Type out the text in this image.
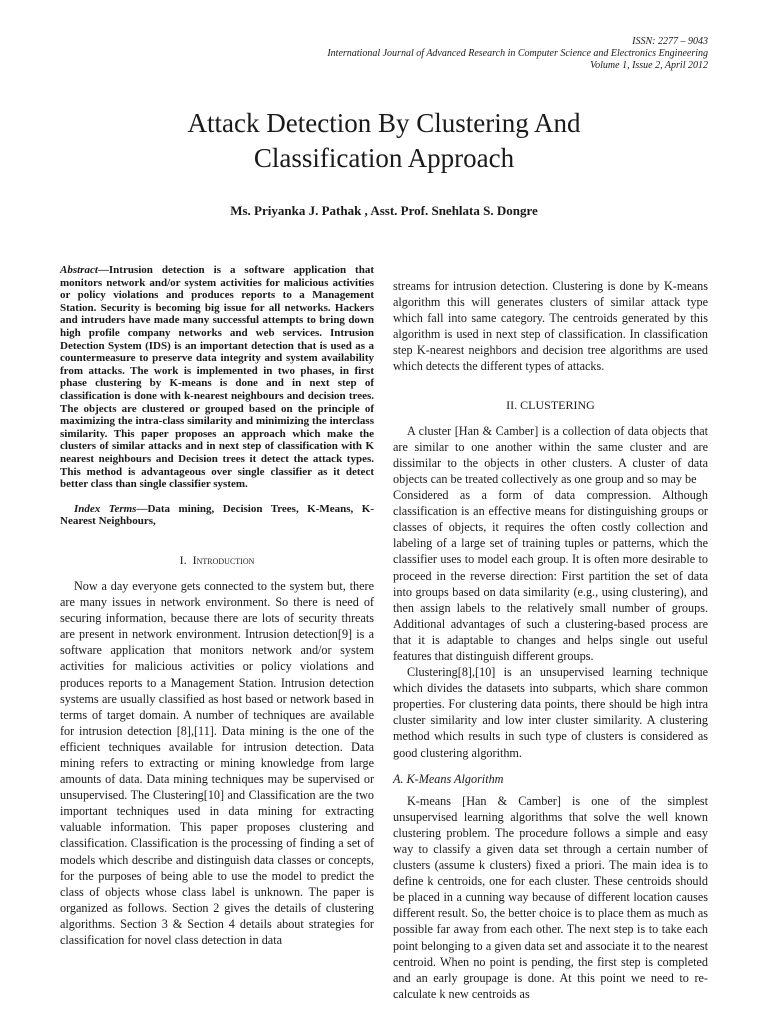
ISSN: 2277 – 9043
International Journal of Advanced Research in Computer Science and Electronics Engineering
Volume 1, Issue 2, April 2012
Attack Detection By Clustering And
Classification Approach
Ms. Priyanka J. Pathak , Asst. Prof. Snehlata S. Dongre

Abstract—Intrusion detection is a software application that monitors network and/or system activities for malicious activities or policy violations and produces reports to a Management Station. Security is becoming big issue for all networks. Hackers and intruders have made many successful attempts to bring down high profile company networks and web services. Intrusion Detection System (IDS) is an important detection that is used as a countermeasure to preserve data integrity and system availability from attacks. The work is implemented in two phases, in first phase clustering by K-means is done and in next step of classification is done with k-nearest neighbours and decision trees. The objects are clustered or grouped based on the principle of maximizing the intra-class similarity and minimizing the interclass similarity. This paper proposes an approach which make the clusters of similar attacks and in next step of classification with K nearest neighbours and Decision trees it detect the attack types. This method is advantageous over single classifier as it detect better class than single classifier system.

Index Terms—Data mining, Decision Trees, K-Means, K-Nearest Neighbours,

I. Introduction

Now a day everyone gets connected to the system but, there are many issues in network environment. So there is need of securing information, because there are lots of security threats are present in network environment. Intrusion detection[9] is a software application that monitors network and/or system activities for malicious activities or policy violations and produces reports to a Management Station. Intrusion detection systems are usually classified as host based or network based in terms of target domain. A number of techniques are available for intrusion detection [8],[11]. Data mining is the one of the efficient techniques available for intrusion detection. Data mining refers to extracting or mining knowledge from large amounts of data. Data mining techniques may be supervised or unsupervised. The Clustering[10] and Classification are the two important techniques used in data mining for extracting valuable information. This paper proposes clustering and classification. Classification is the processing of finding a set of models which describe and distinguish data classes or concepts, for the purposes of being able to use the model to predict the class of objects whose class label is unknown. The paper is organized as follows. Section 2 gives the details of clustering algorithms. Section 3 & Section 4 details about strategies for classification for novel class detection in data

streams for intrusion detection. Clustering is done by K-means algorithm this will generates clusters of similar attack type which fall into same category. The centroids generated by this algorithm is used in next step of classification. In classification step K-nearest neighbors and decision tree algorithms are used which detects the different types of attacks.

II. CLUSTERING

A cluster [Han & Camber] is a collection of data objects that are similar to one another within the same cluster and are dissimilar to the objects in other clusters. A cluster of data objects can be treated collectively as one group and so may be

Considered as a form of data compression. Although classification is an effective means for distinguishing groups or classes of objects, it requires the often costly collection and labeling of a large set of training tuples or patterns, which the classifier uses to model each group. It is often more desirable to proceed in the reverse direction: First partition the set of data into groups based on data similarity (e.g., using clustering), and then assign labels to the relatively small number of groups. Additional advantages of such a clustering-based process are that it is adaptable to changes and helps single out useful features that distinguish different groups.

Clustering[8],[10] is an unsupervised learning technique which divides the datasets into subparts, which share common properties. For clustering data points, there should be high intra cluster similarity and low inter cluster similarity. A clustering method which results in such type of clusters is considered as good clustering algorithm.

A. K-Means Algorithm

K-means [Han & Camber] is one of the simplest unsupervised learning algorithms that solve the well known clustering problem. The procedure follows a simple and easy way to classify a given data set through a certain number of clusters (assume k clusters) fixed a priori. The main idea is to define k centroids, one for each cluster. These centroids should be placed in a cunning way because of different location causes different result. So, the better choice is to place them as much as possible far away from each other. The next step is to take each point belonging to a given data set and associate it to the nearest centroid. When no point is pending, the first step is completed and an early groupage is done. At this point we need to re-calculate k new centroids as
